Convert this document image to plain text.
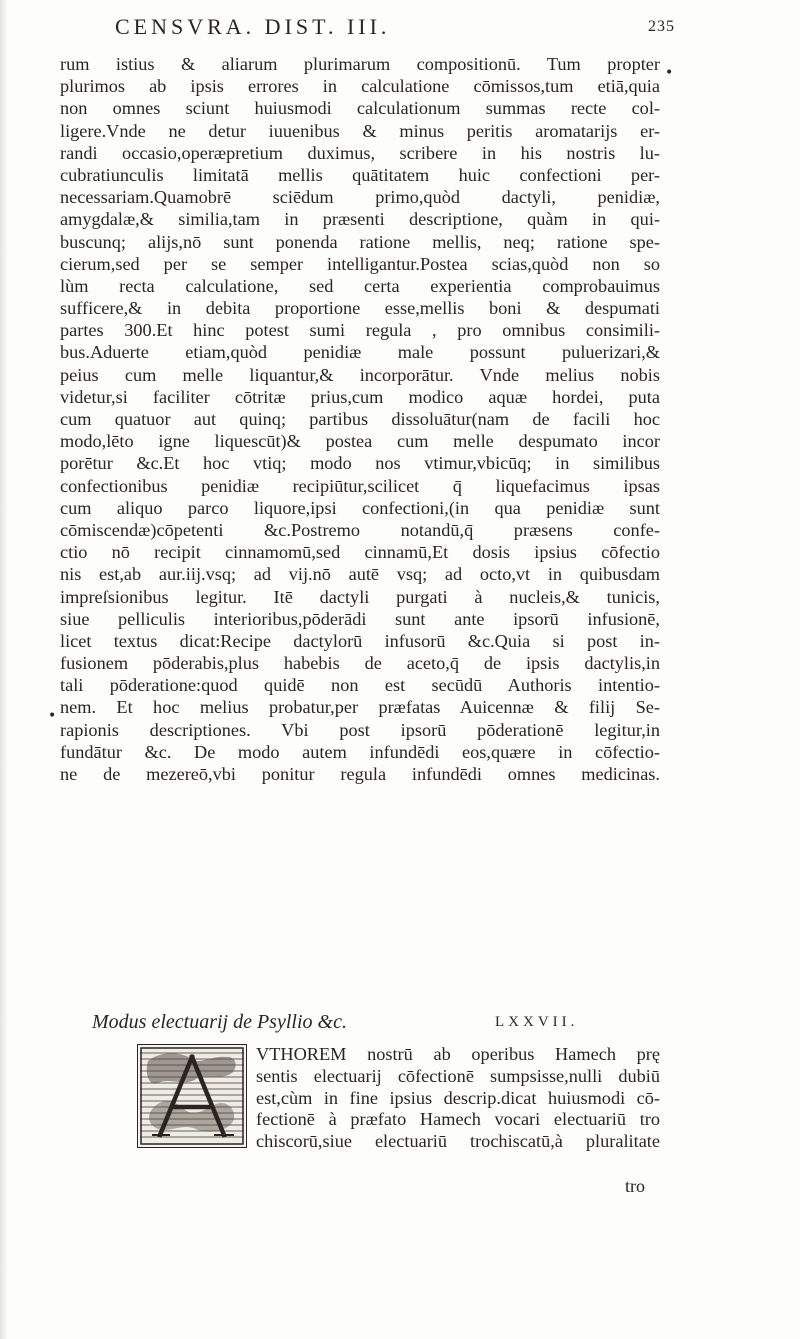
CENSVRA. DIST. III.	235
•
•
rum istius & aliarum plurimarum compositionū. Tum propter
plurimos ab ipsis errores in calculatione cōmissos,tum etiā,quia
non omnes sciunt huiusmodi calculationum summas recte col-
ligere.Vnde ne detur iuuenibus & minus peritis aromatarijs er-
randi occasio,operæpretium duximus, scribere in his nostris lu-
cubratiunculis limitatā mellis quātitatem huic confectioni per-
necessariam.Quamobrē sciēdum primo,quòd dactyli, penidiæ,
amygdalæ,& similia,tam in præsenti descriptione, quàm in qui-
buscunq; alijs,nō sunt ponenda ratione mellis, neq; ratione spe-
cierum,sed per se semper intelligantur.Postea scias,quòd non so
lùm recta calculatione, sed certa experientia comprobauimus
sufficere,& in debita proportione esse,mellis boni & despumati
partes 300.Et hinc potest sumi regula , pro omnibus consimili-
bus.Aduerte etiam,quòd penidiæ male possunt puluerizari,&
peius cum melle liquantur,& incorporātur. Vnde melius nobis
videtur,si faciliter cōtritæ prius,cum modico aquæ hordei, puta
cum quatuor aut quinq; partibus dissoluātur(nam de facili hoc
modo,lēto igne liquescūt)& postea cum melle despumato incor
porētur &c.Et hoc vtiq; modo nos vtimur,vbicūq; in similibus
confectionibus penidiæ recipiūtur,scilicet q̄ liquefacimus ipsas
cum aliquo parco liquore,ipsi confectioni,(in qua penidiæ sunt
cōmiscendæ)cōpetenti &c.Postremo notandū,q̄ præsens confe-
ctio nō recipit cinnamomū,sed cinnamū,Et dosis ipsius cōfectio
nis est,ab aur.iij.vsq; ad vij.nō autē vsq; ad octo,vt in quibusdam
impreſsionibus legitur. Itē dactyli purgati à nucleis,& tunicis,
siue pelliculis interioribus,pōderādi sunt ante ipsorū infusionē,
licet textus dicat:Recipe dactylorū infusorū &c.Quia si post in-
fusionem pōderabis,plus habebis de aceto,q̄ de ipsis dactylis,in
tali pōderatione:quod quidē non est secūdū Authoris intentio-
nem. Et hoc melius probatur,per præfatas Auicennæ & filij Se-
rapionis descriptiones. Vbi post ipsorū pōderationē legitur,in
fundātur &c. De modo autem infundēdi eos,quære in cōfectio-
ne de mezereō,vbi ponitur regula infundēdi omnes medicinas.
Modus electuarij de Psyllio &c.	LXXVII.
VTHOREM nostrū ab operibus Hamech prę
sentis electuarij cōfectionē sumpsisse,nulli dubiū
est,cùm in fine ipsius descrip.dicat huiusmodi cō-
fectionē à præfato Hamech vocari electuariū tro
chiscorū,siue electuariū trochiscatū,à pluralitate
tro
